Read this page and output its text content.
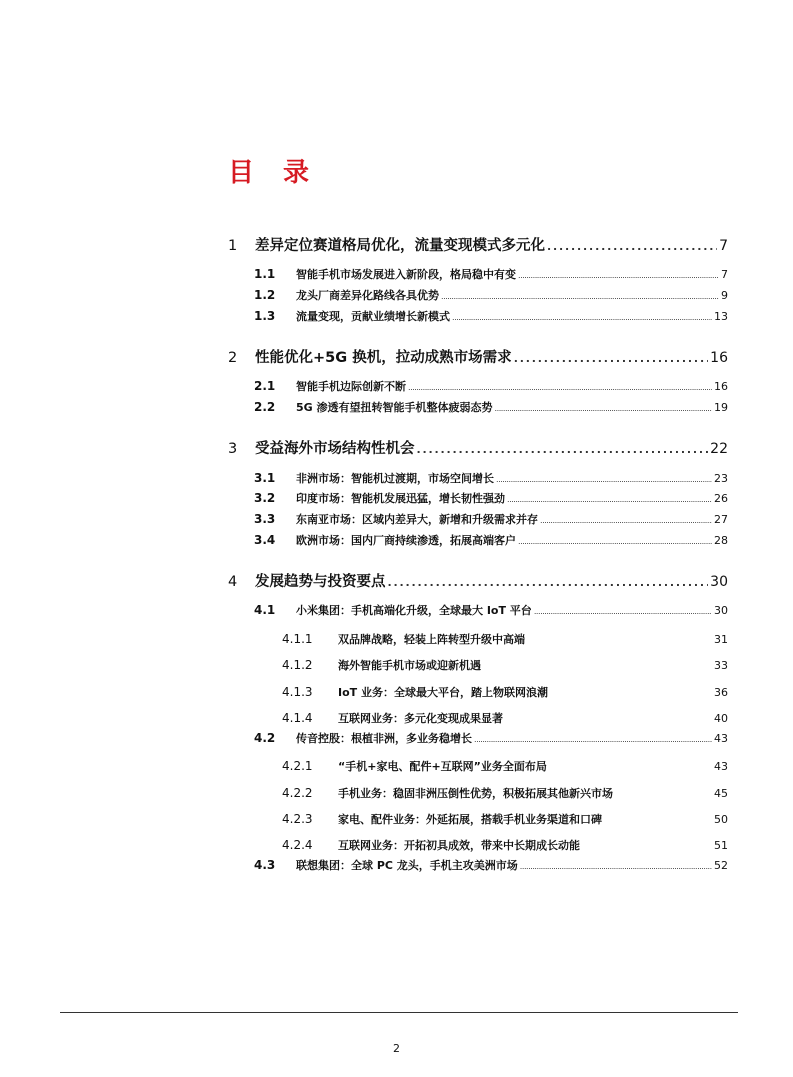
目 录
1	差异定位赛道格局优化，流量变现模式多元化 . . .	7
1.1	智能手机市场发展进入新阶段，格局稳中有变 . . .	7
1.2	龙头厂商差异化路线各具优势 . . .	9
1.3	流量变现，贡献业绩增长新模式 . . .	13
2	性能优化+5G 换机，拉动成熟市场需求 . . .	16
2.1	智能手机边际创新不断 . . .	16
2.2	5G 渗透有望扭转智能手机整体疲弱态势 . . .	19
3	受益海外市场结构性机会 . . .	22
3.1	非洲市场：智能机过渡期，市场空间增长 . . .	23
3.2	印度市场：智能机发展迅猛，增长韧性强劲 . . .	26
3.3	东南亚市场：区域内差异大，新增和升级需求并存 . . .	27
3.4	欧洲市场：国内厂商持续渗透，拓展高端客户 . . .	28
4	发展趋势与投资要点 . . .	30
4.1	小米集团：手机高端化升级，全球最大 IoT 平台 . . .	30
4.1.1	双品牌战略，轻装上阵转型升级中高端	31
4.1.2	海外智能手机市场或迎新机遇	33
4.1.3	IoT 业务：全球最大平台，踏上物联网浪潮	36
4.1.4	互联网业务：多元化变现成果显著	40
4.2	传音控股：根植非洲，多业务稳增长 . . .	43
4.2.1	“手机+家电、配件+互联网”业务全面布局	43
4.2.2	手机业务：稳固非洲压倒性优势，积极拓展其他新兴市场	45
4.2.3	家电、配件业务：外延拓展，搭载手机业务渠道和口碑	50
4.2.4	互联网业务：开拓初具成效，带来中长期成长动能	51
4.3	联想集团：全球 PC 龙头，手机主攻美洲市场 . . .	52
2
